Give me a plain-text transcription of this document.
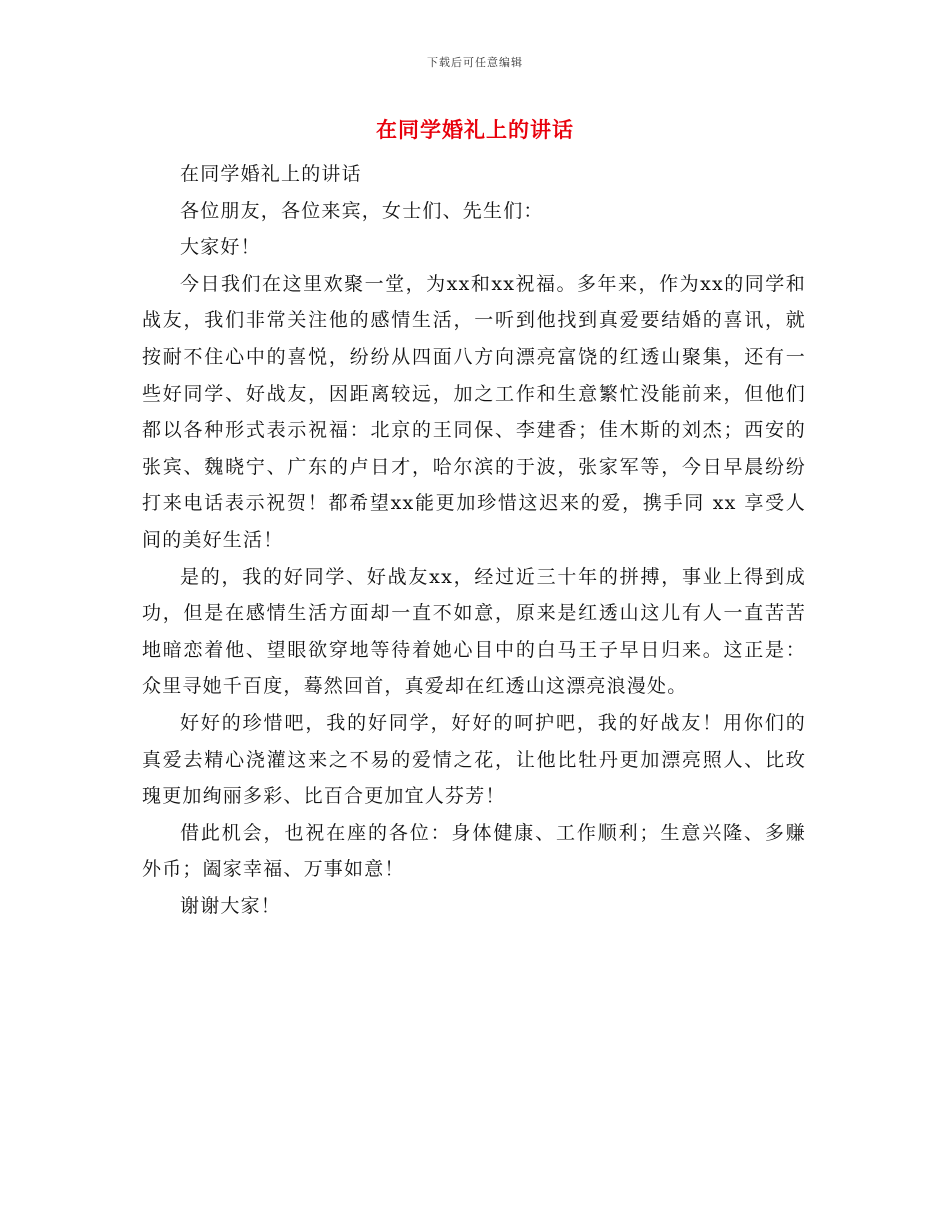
下载后可任意编辑
在同学婚礼上的讲话

在同学婚礼上的讲话

各位朋友，各位来宾，女士们、先生们：

大家好！

今日我们在这里欢聚一堂，为xx和xx祝福。多年来，作为xx的同学和战友，我们非常关注他的感情生活，一听到他找到真爱要结婚的喜讯，就按耐不住心中的喜悦，纷纷从四面八方向漂亮富饶的红透山聚集，还有一些好同学、好战友，因距离较远，加之工作和生意繁忙没能前来，但他们都以各种形式表示祝福：北京的王同保、李建香；佳木斯的刘杰；西安的张宾、魏晓宁、广东的卢日才，哈尔滨的于波，张家军等，今日早晨纷纷打来电话表示祝贺！都希望xx能更加珍惜这迟来的爱，携手同 xx 享受人间的美好生活！

是的，我的好同学、好战友xx，经过近三十年的拼搏，事业上得到成功，但是在感情生活方面却一直不如意，原来是红透山这儿有人一直苦苦地暗恋着他、望眼欲穿地等待着她心目中的白马王子早日归来。这正是：众里寻她千百度，蓦然回首，真爱却在红透山这漂亮浪漫处。

好好的珍惜吧，我的好同学，好好的呵护吧，我的好战友！用你们的真爱去精心浇灌这来之不易的爱情之花，让他比牡丹更加漂亮照人、比玫瑰更加绚丽多彩、比百合更加宜人芬芳！

借此机会，也祝在座的各位：身体健康、工作顺利；生意兴隆、多赚外币；阖家幸福、万事如意！

谢谢大家！
